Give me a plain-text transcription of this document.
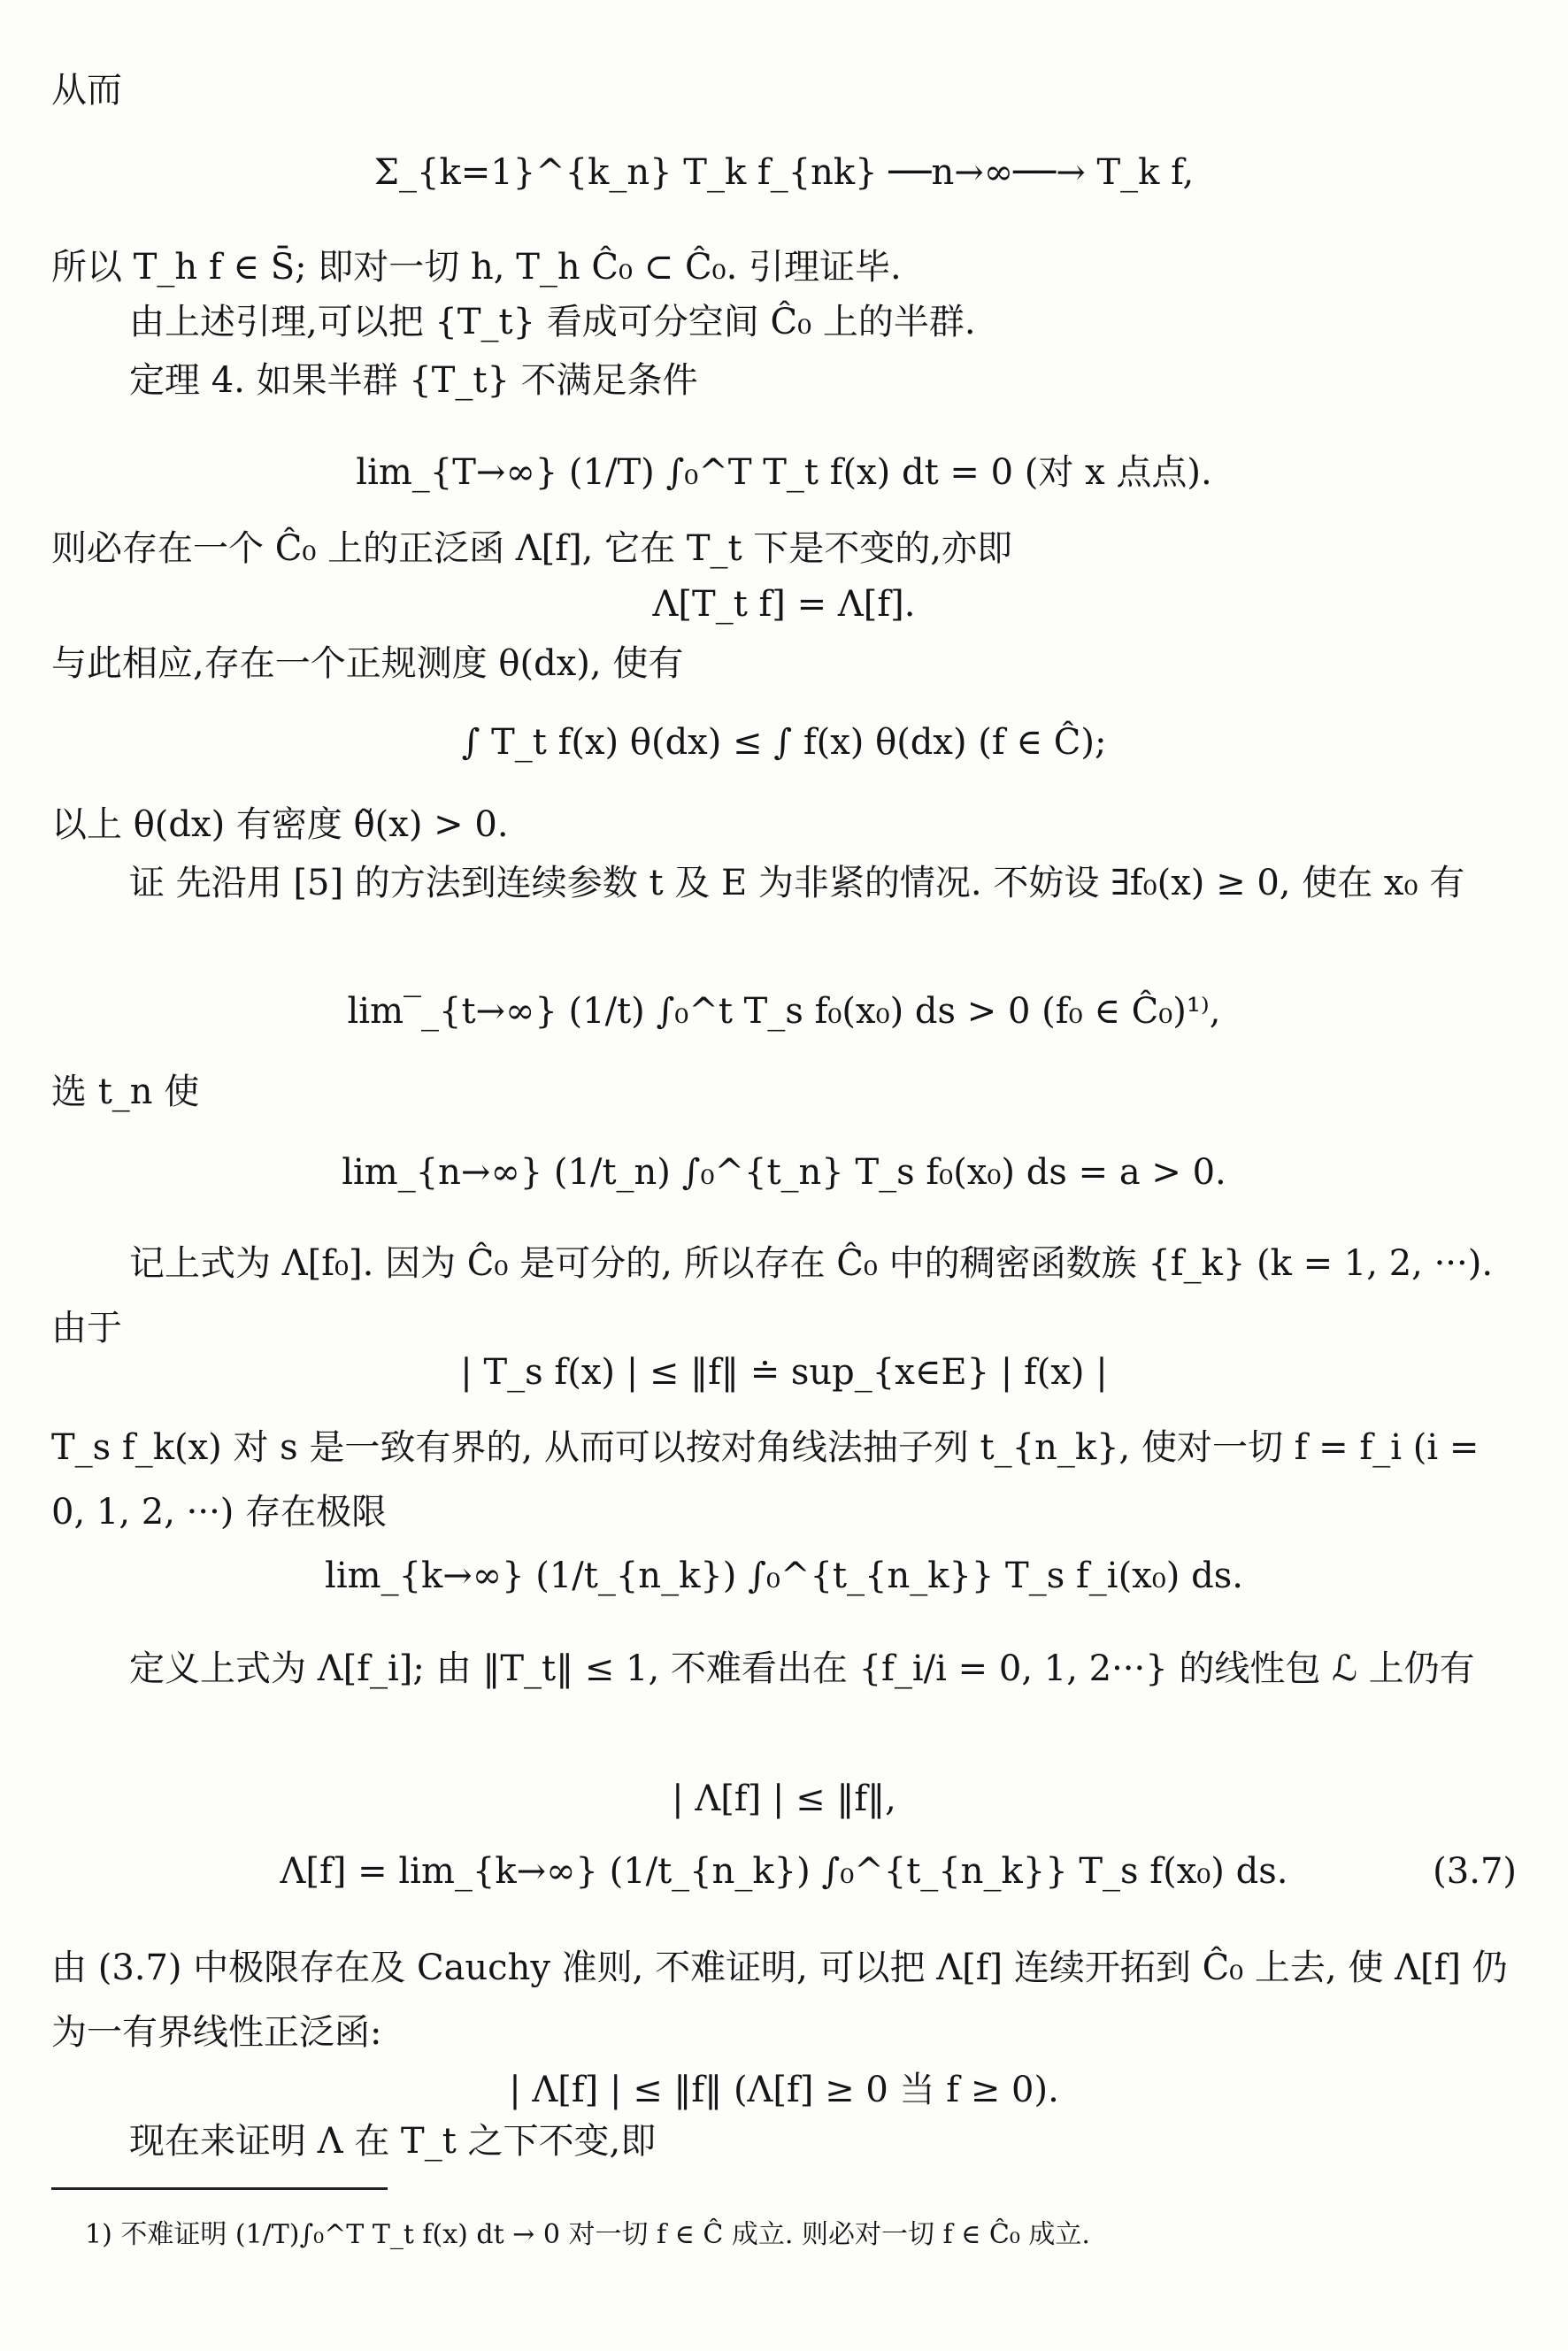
从而
Σ_{k=1}^{k_n} T_k f_{nk} ──n→∞──→ T_k f,
所以 T_h f ∈ S̄; 即对一切 h, T_h Ĉ₀ ⊂ Ĉ₀. 引理证毕.
由上述引理,可以把 {T_t} 看成可分空间 Ĉ₀ 上的半群.
定理 4. 如果半群 {T_t} 不满足条件
lim_{T→∞} (1/T) ∫₀^T T_t f(x) dt = 0 (对 x 点点).
则必存在一个 Ĉ₀ 上的正泛函 Λ[f], 它在 T_t 下是不变的,亦即
Λ[T_t f] = Λ[f].
与此相应,存在一个正规测度 θ(dx), 使有
∫ T_t f(x) θ(dx) ≤ ∫ f(x) θ(dx) (f ∈ Ĉ);
以上 θ(dx) 有密度 θ̃(x) > 0.
证 先沿用 [5] 的方法到连续参数 t 及 E 为非紧的情况. 不妨设 ∃f₀(x) ≥ 0, 使在 x₀ 有
lim‾_{t→∞} (1/t) ∫₀^t T_s f₀(x₀) ds > 0 (f₀ ∈ Ĉ₀)¹⁾,
选 t_n 使
lim_{n→∞} (1/t_n) ∫₀^{t_n} T_s f₀(x₀) ds = a > 0.
记上式为 Λ[f₀]. 因为 Ĉ₀ 是可分的, 所以存在 Ĉ₀ 中的稠密函数族 {f_k} (k = 1, 2, ···). 由于
| T_s f(x) | ≤ ‖f‖ ≐ sup_{x∈E} | f(x) |
T_s f_k(x) 对 s 是一致有界的, 从而可以按对角线法抽子列 t_{n_k}, 使对一切 f = f_i (i = 0, 1, 2, ···) 存在极限
lim_{k→∞} (1/t_{n_k}) ∫₀^{t_{n_k}} T_s f_i(x₀) ds.
定义上式为 Λ[f_i]; 由 ‖T_t‖ ≤ 1, 不难看出在 {f_i/i = 0, 1, 2···} 的线性包 ℒ 上仍有
| Λ[f] | ≤ ‖f‖,
Λ[f] = lim_{k→∞} (1/t_{n_k}) ∫₀^{t_{n_k}} T_s f(x₀) ds.	(3.7)
由 (3.7) 中极限存在及 Cauchy 准则, 不难证明, 可以把 Λ[f] 连续开拓到 Ĉ₀ 上去, 使 Λ[f] 仍为一有界线性正泛函:
| Λ[f] | ≤ ‖f‖ (Λ[f] ≥ 0 当 f ≥ 0).
现在来证明 Λ 在 T_t 之下不变,即
1) 不难证明 (1/T)∫₀^T T_t f(x) dt → 0 对一切 f ∈ Ĉ 成立. 则必对一切 f ∈ Ĉ₀ 成立.
